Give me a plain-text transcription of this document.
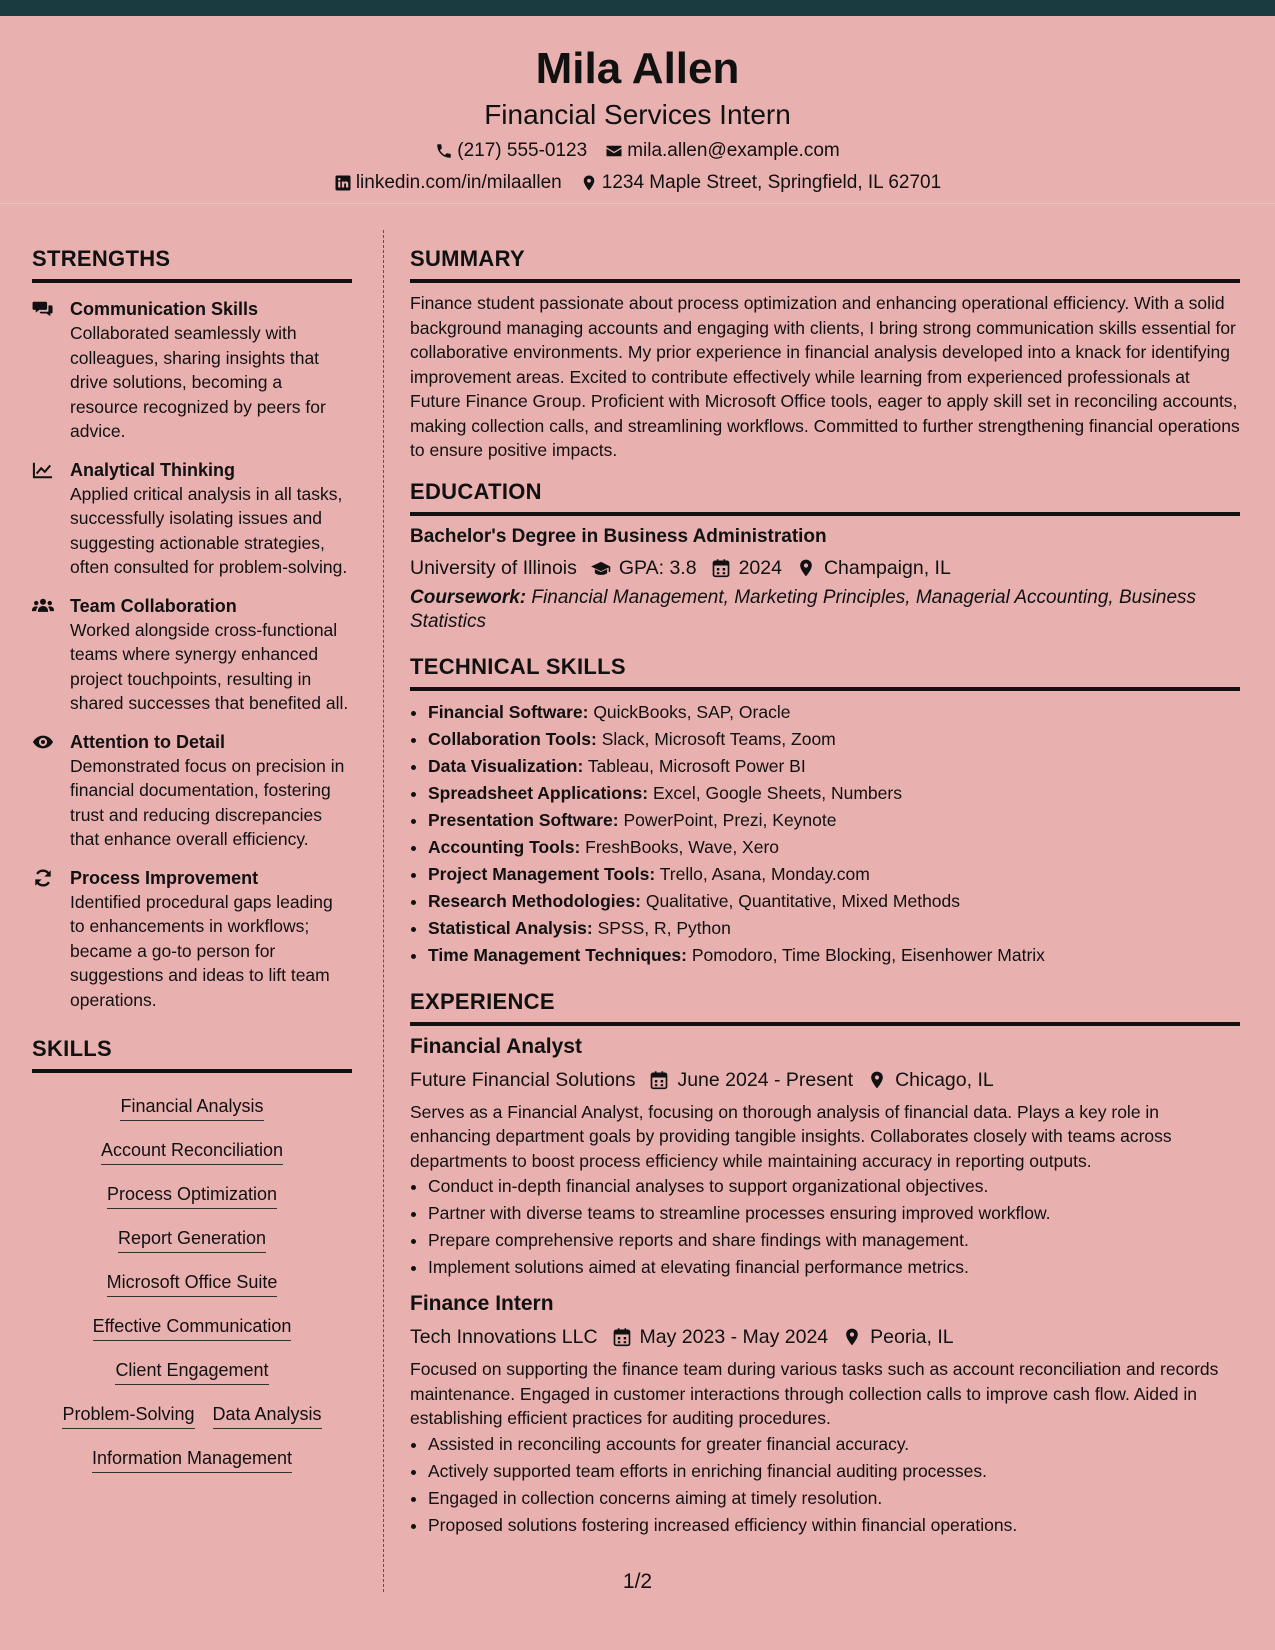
Mila Allen
Financial Services Intern
(217) 555-0123 mila.allen@example.com
linkedin.com/in/milaallen 1234 Maple Street, Springfield, IL 62701
STRENGTHS
Communication Skills
Collaborated seamlessly with colleagues, sharing insights that drive solutions, becoming a resource recognized by peers for advice.
Analytical Thinking
Applied critical analysis in all tasks, successfully isolating issues and suggesting actionable strategies, often consulted for problem-solving.
Team Collaboration
Worked alongside cross-functional teams where synergy enhanced project touchpoints, resulting in shared successes that benefited all.
Attention to Detail
Demonstrated focus on precision in financial documentation, fostering trust and reducing discrepancies that enhance overall efficiency.
Process Improvement
Identified procedural gaps leading to enhancements in workflows; became a go-to person for suggestions and ideas to lift team operations.
SKILLS
Financial Analysis
Account Reconciliation
Process Optimization
Report Generation
Microsoft Office Suite
Effective Communication
Client Engagement
Problem-Solving Data Analysis
Information Management
SUMMARY
Finance student passionate about process optimization and enhancing operational efficiency. With a solid background managing accounts and engaging with clients, I bring strong communication skills essential for collaborative environments. My prior experience in financial analysis developed into a knack for identifying improvement areas. Excited to contribute effectively while learning from experienced professionals at Future Finance Group. Proficient with Microsoft Office tools, eager to apply skill set in reconciling accounts, making collection calls, and streamlining workflows. Committed to further strengthening financial operations to ensure positive impacts.
EDUCATION
Bachelor's Degree in Business Administration
University of Illinois GPA: 3.8 2024 Champaign, IL
Coursework: Financial Management, Marketing Principles, Managerial Accounting, Business Statistics
TECHNICAL SKILLS
• Financial Software: QuickBooks, SAP, Oracle
• Collaboration Tools: Slack, Microsoft Teams, Zoom
• Data Visualization: Tableau, Microsoft Power BI
• Spreadsheet Applications: Excel, Google Sheets, Numbers
• Presentation Software: PowerPoint, Prezi, Keynote
• Accounting Tools: FreshBooks, Wave, Xero
• Project Management Tools: Trello, Asana, Monday.com
• Research Methodologies: Qualitative, Quantitative, Mixed Methods
• Statistical Analysis: SPSS, R, Python
• Time Management Techniques: Pomodoro, Time Blocking, Eisenhower Matrix
EXPERIENCE
Financial Analyst
Future Financial Solutions June 2024 - Present Chicago, IL
Serves as a Financial Analyst, focusing on thorough analysis of financial data. Plays a key role in enhancing department goals by providing tangible insights. Collaborates closely with teams across departments to boost process efficiency while maintaining accuracy in reporting outputs.
• Conduct in-depth financial analyses to support organizational objectives.
• Partner with diverse teams to streamline processes ensuring improved workflow.
• Prepare comprehensive reports and share findings with management.
• Implement solutions aimed at elevating financial performance metrics.
Finance Intern
Tech Innovations LLC May 2023 - May 2024 Peoria, IL
Focused on supporting the finance team during various tasks such as account reconciliation and records maintenance. Engaged in customer interactions through collection calls to improve cash flow. Aided in establishing efficient practices for auditing procedures.
• Assisted in reconciling accounts for greater financial accuracy.
• Actively supported team efforts in enriching financial auditing processes.
• Engaged in collection concerns aiming at timely resolution.
• Proposed solutions fostering increased efficiency within financial operations.
1/2
